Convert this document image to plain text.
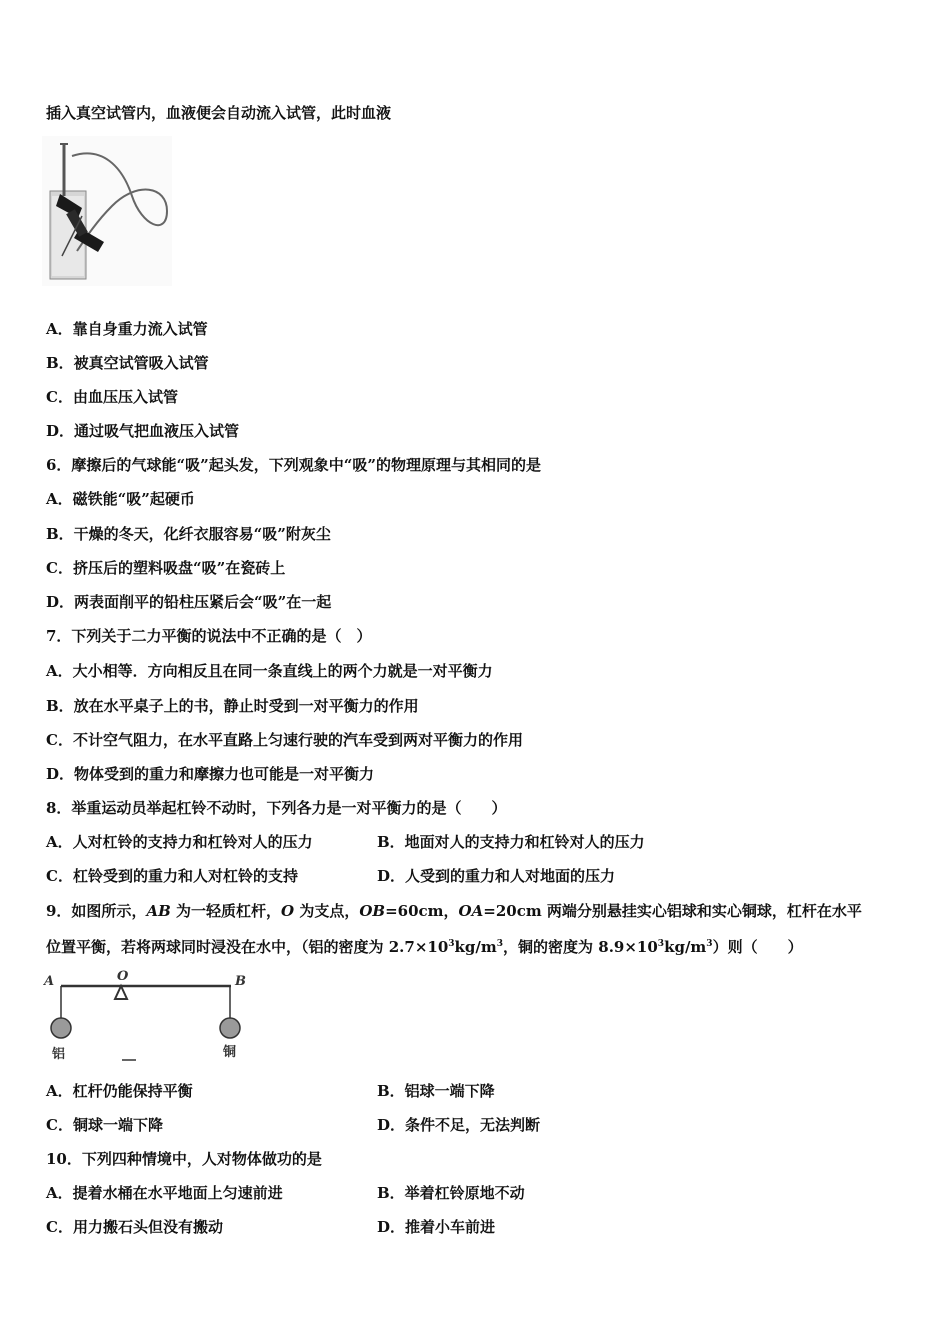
插入真空试管内，血液便会自动流入试管，此时血液
A．靠自身重力流入试管
B．被真空试管吸入试管
C．由血压压入试管
D．通过吸气把血液压入试管
6．摩擦后的气球能“吸”起头发，下列观象中“吸”的物理原理与其相同的是
A．磁铁能“吸”起硬币
B．干燥的冬天，化纤衣服容易“吸”附灰尘
C．挤压后的塑料吸盘“吸”在瓷砖上
D．两表面削平的铅柱压紧后会“吸”在一起
7．下列关于二力平衡的说法中不正确的是（　）
A．大小相等．方向相反且在同一条直线上的两个力就是一对平衡力
B．放在水平桌子上的书，静止时受到一对平衡力的作用
C．不计空气阻力，在水平直路上匀速行驶的汽车受到两对平衡力的作用
D．物体受到的重力和摩擦力也可能是一对平衡力
8．举重运动员举起杠铃不动时，下列各力是一对平衡力的是（　　）
A．人对杠铃的支持力和杠铃对人的压力	B．地面对人的支持力和杠铃对人的压力
C．杠铃受到的重力和人对杠铃的支持	D．人受到的重力和人对地面的压力
9．如图所示，AB 为一轻质杠杆，O 为支点，OB=60cm，OA=20cm 两端分别悬挂实心铝球和实心铜球，杠杆在水平
位置平衡，若将两球同时浸没在水中，（铝的密度为 $2.7\times 10^3kg/m^3$，铜的密度为 $8.9\times 10^3kg/m^3$）则（　　）
A	O	B
铝	铜
A．杠杆仍能保持平衡	B．铝球一端下降
C．铜球一端下降	D．条件不足，无法判断
10．下列四种情境中，人对物体做功的是
A．提着水桶在水平地面上匀速前进	B．举着杠铃原地不动
C．用力搬石头但没有搬动	D．推着小车前进
